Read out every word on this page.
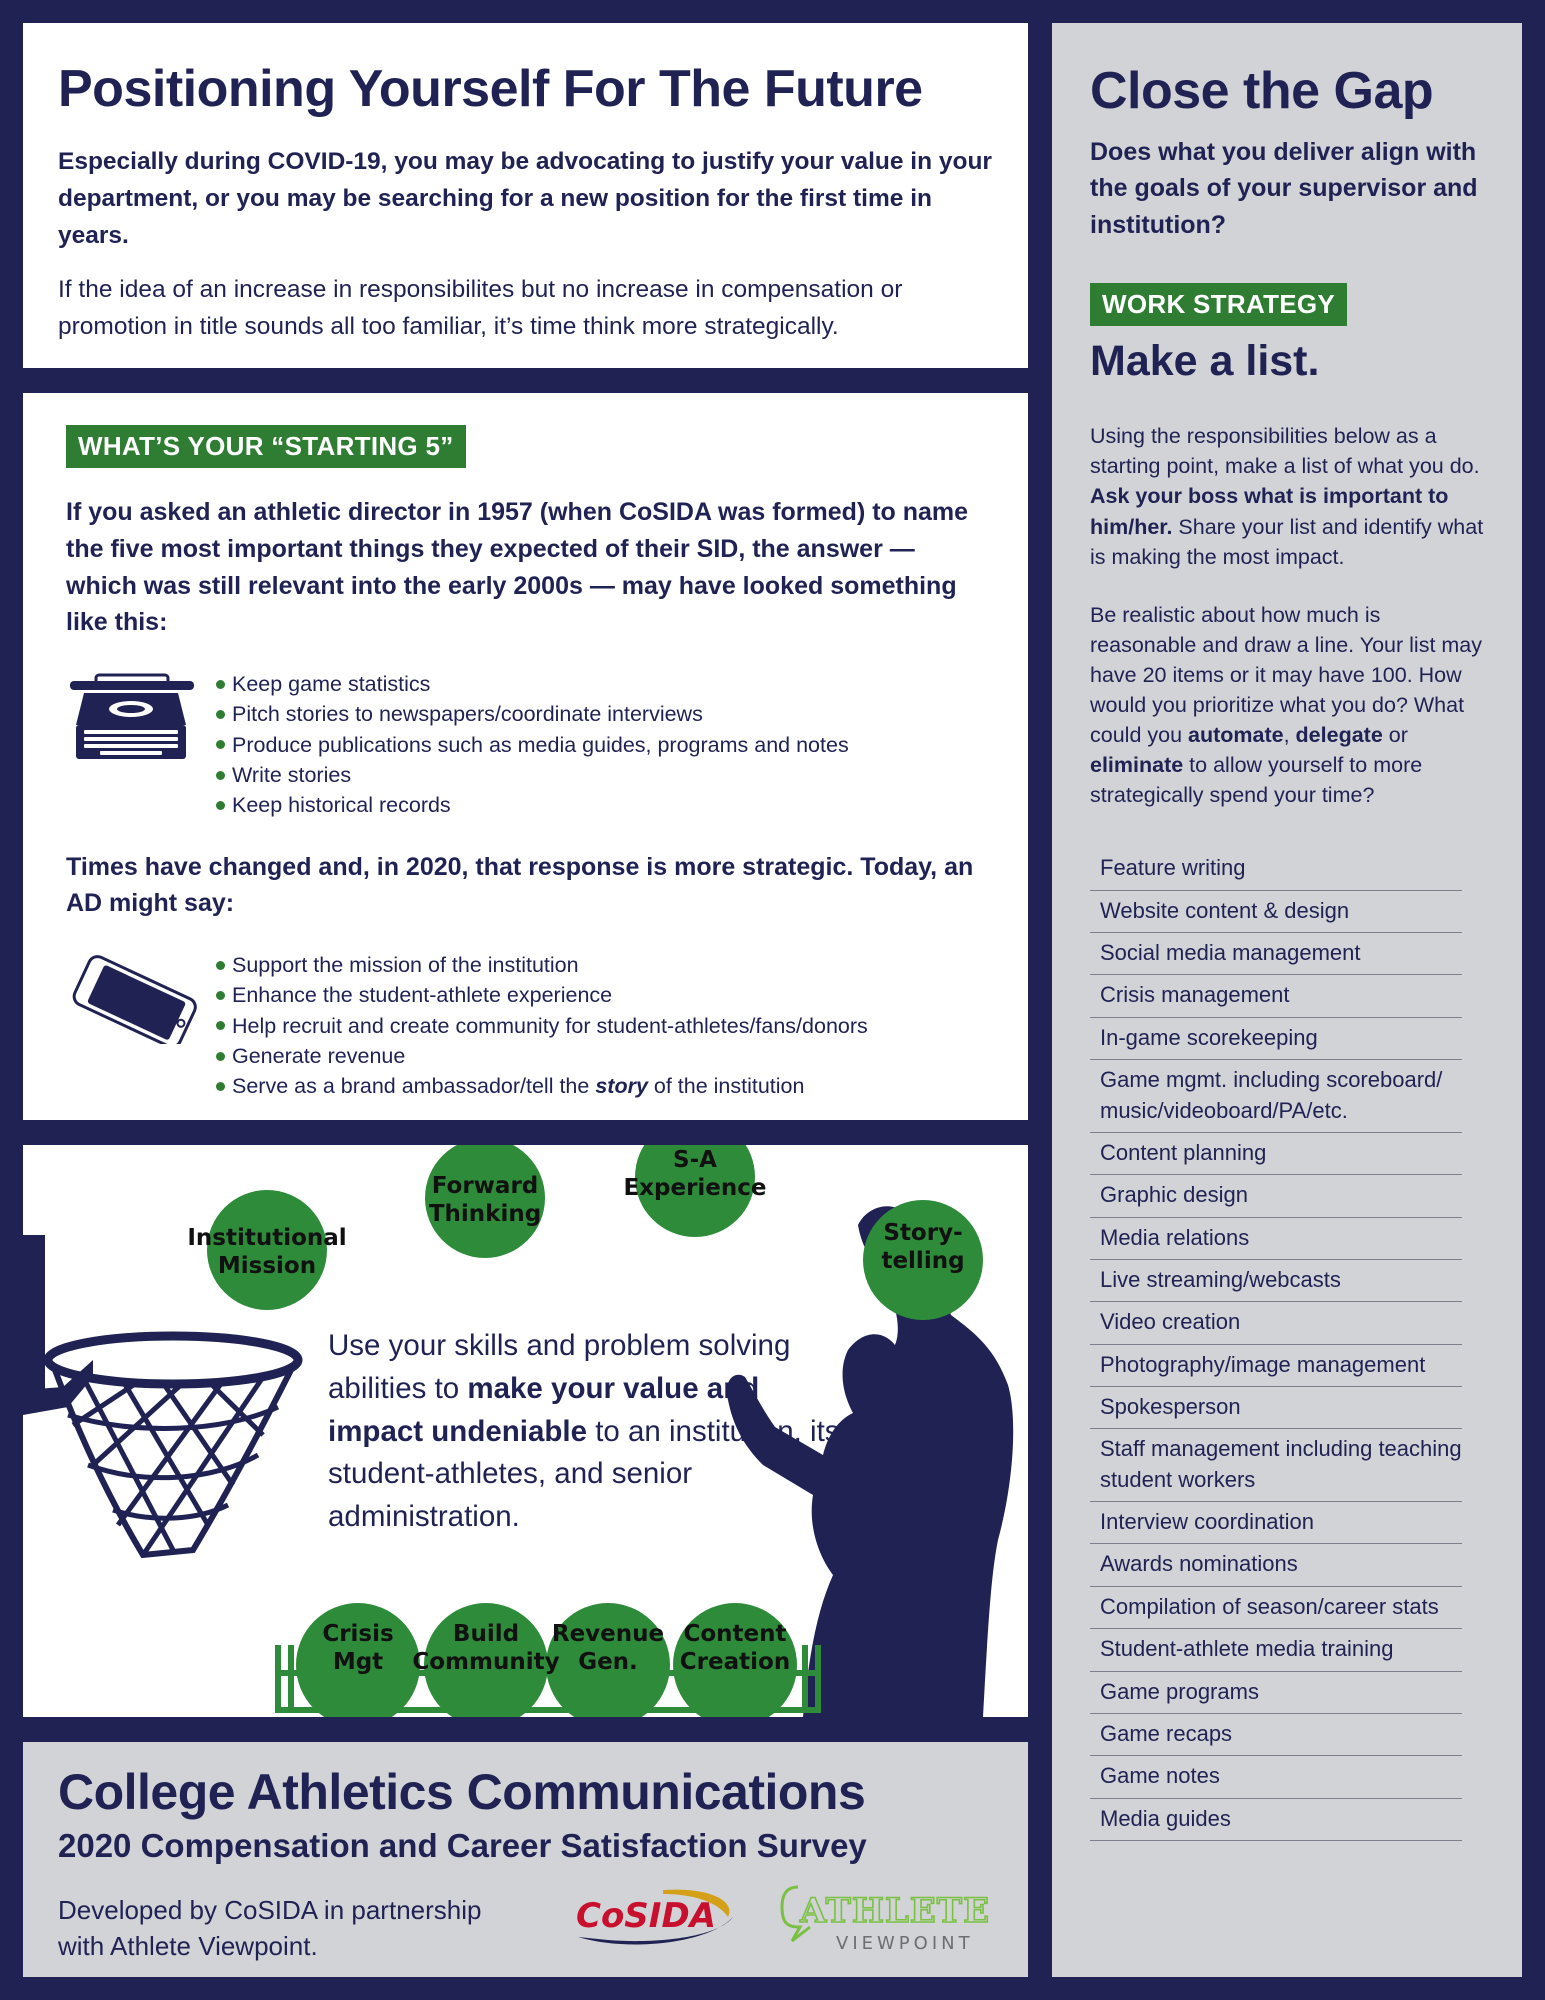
Positioning Yourself For The Future

Especially during COVID-19, you may be advocating to justify your value in your department, or you may be searching for a new position for the first time in years.

If the idea of an increase in responsibilites but no increase in compensation or promotion in title sounds all too familiar, it’s time think more strategically.

WHAT’S YOUR “STARTING 5”

If you asked an athletic director in 1957 (when CoSIDA was formed) to name the five most important things they expected of their SID, the answer — which was still relevant into the early 2000s — may have looked something like this:

Keep game statistics
Pitch stories to newspapers/coordinate interviews
Produce publications such as media guides, programs and notes
Write stories
Keep historical records

Times have changed and, in 2020, that response is more strategic. Today, an AD might say:

Support the mission of the institution
Enhance the student-athlete experience
Help recruit and create community for student-athletes/fans/donors
Generate revenue
Serve as a brand ambassador/tell the story of the institution
Institutional
Mission
Forward
Thinking
S-A
Experience
Story-
telling
Crisis
Mgt
Build
Community
Revenue
Gen.
Content
Creation

Use your skills and problem solving abilities to make your value and impact undeniable to an institution, its student-athletes, and senior administration.

College Athletics Communications
2020 Compensation and Career Satisfaction Survey

Developed by CoSIDA in partnership
with Athlete Viewpoint.

CoSIDA ATHLETE
VIEWPOINT
Close the Gap

Does what you deliver align with the goals of your supervisor and institution?

WORK STRATEGY
Make a list.

Using the responsibilities below as a starting point, make a list of what you do. Ask your boss what is important to him/her. Share your list and identify what is making the most impact.

Be realistic about how much is reasonable and draw a line. Your list may have 20 items or it may have 100. How would you prioritize what you do? What could you automate, delegate or eliminate to allow yourself to more strategically spend your time?

Feature writing
Website content & design
Social media management
Crisis management
In-game scorekeeping
Game mgmt. including scoreboard/ music/videoboard/PA/etc.
Content planning
Graphic design
Media relations
Live streaming/webcasts
Video creation
Photography/image management
Spokesperson
Staff management including teaching student workers
Interview coordination
Awards nominations
Compilation of season/career stats
Student-athlete media training
Game programs
Game recaps
Game notes
Media guides
